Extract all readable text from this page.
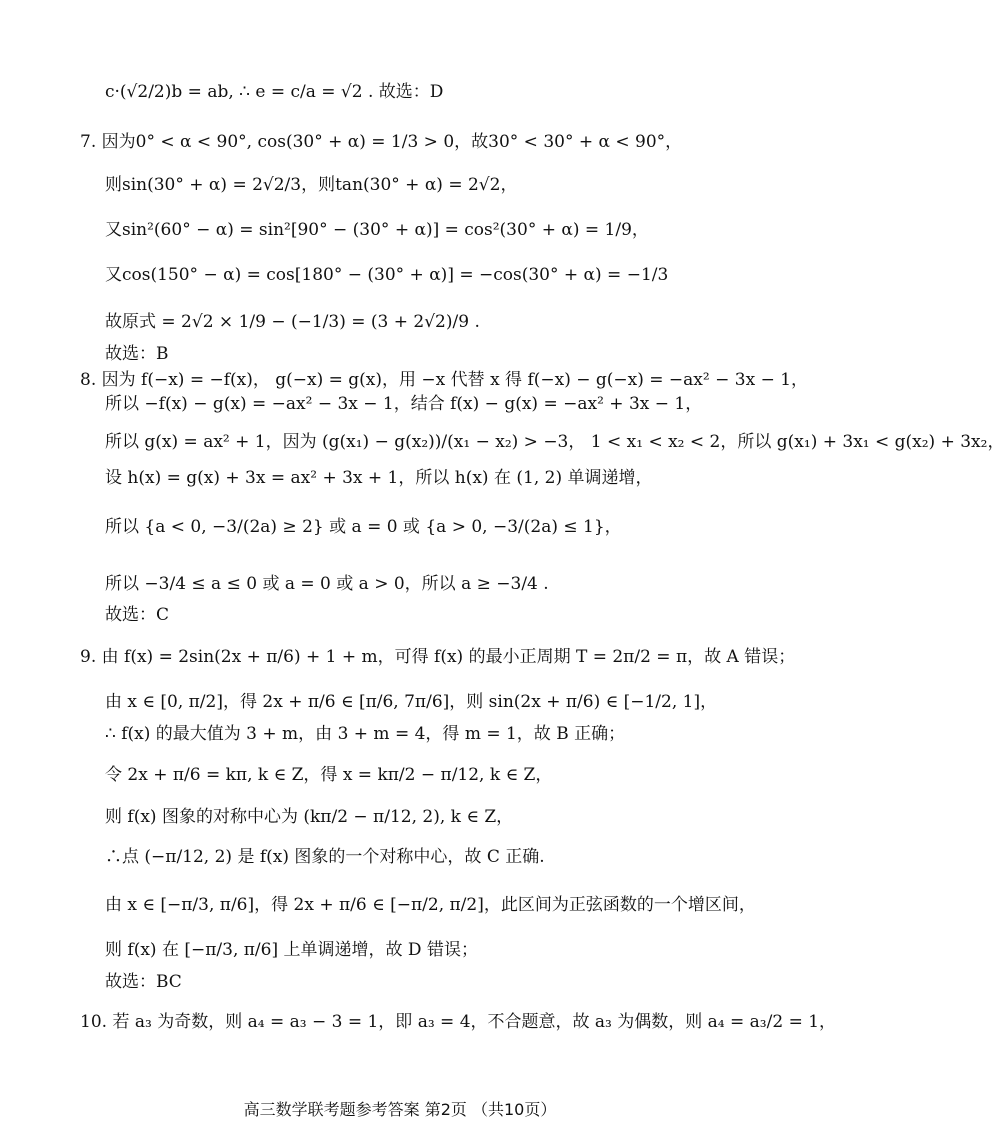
c·(√2/2)b = ab, ∴ e = c/a = √2 . 故选：D
7. 因为0° < α < 90°, cos(30° + α) = 1/3 > 0，故30° < 30° + α < 90°，
则sin(30° + α) = 2√2/3，则tan(30° + α) = 2√2，
又sin²(60° − α) = sin²[90° − (30° + α)] = cos²(30° + α) = 1/9，
又cos(150° − α) = cos[180° − (30° + α)] = −cos(30° + α) = −1/3
故原式 = 2√2 × 1/9 − (−1/3) = (3 + 2√2)/9 .
故选：B
8. 因为 f(−x) = −f(x)， g(−x) = g(x)，用 −x 代替 x 得 f(−x) − g(−x) = −ax² − 3x − 1，
所以 −f(x) − g(x) = −ax² − 3x − 1，结合 f(x) − g(x) = −ax² + 3x − 1，
所以 g(x) = ax² + 1，因为 (g(x₁) − g(x₂))/(x₁ − x₂) > −3， 1 < x₁ < x₂ < 2，所以 g(x₁) + 3x₁ < g(x₂) + 3x₂，
设 h(x) = g(x) + 3x = ax² + 3x + 1，所以 h(x) 在 (1, 2) 单调递增，
所以 {a < 0, −3/(2a) ≥ 2} 或 a = 0 或 {a > 0, −3/(2a) ≤ 1}，
所以 −3/4 ≤ a ≤ 0 或 a = 0 或 a > 0，所以 a ≥ −3/4 .
故选：C
9. 由 f(x) = 2sin(2x + π/6) + 1 + m，可得 f(x) 的最小正周期 T = 2π/2 = π，故 A 错误；
由 x ∈ [0, π/2]，得 2x + π/6 ∈ [π/6, 7π/6]，则 sin(2x + π/6) ∈ [−1/2, 1]，
∴ f(x) 的最大值为 3 + m，由 3 + m = 4，得 m = 1，故 B 正确；
令 2x + π/6 = kπ, k ∈ Z，得 x = kπ/2 − π/12, k ∈ Z，
则 f(x) 图象的对称中心为 (kπ/2 − π/12, 2), k ∈ Z，
∴点 (−π/12, 2) 是 f(x) 图象的一个对称中心，故 C 正确.
由 x ∈ [−π/3, π/6]，得 2x + π/6 ∈ [−π/2, π/2]，此区间为正弦函数的一个增区间，
则 f(x) 在 [−π/3, π/6] 上单调递增，故 D 错误；
故选：BC
10. 若 a₃ 为奇数，则 a₄ = a₃ − 3 = 1，即 a₃ = 4，不合题意，故 a₃ 为偶数，则 a₄ = a₃/2 = 1，
高三数学联考题参考答案 第2页 （共10页）
